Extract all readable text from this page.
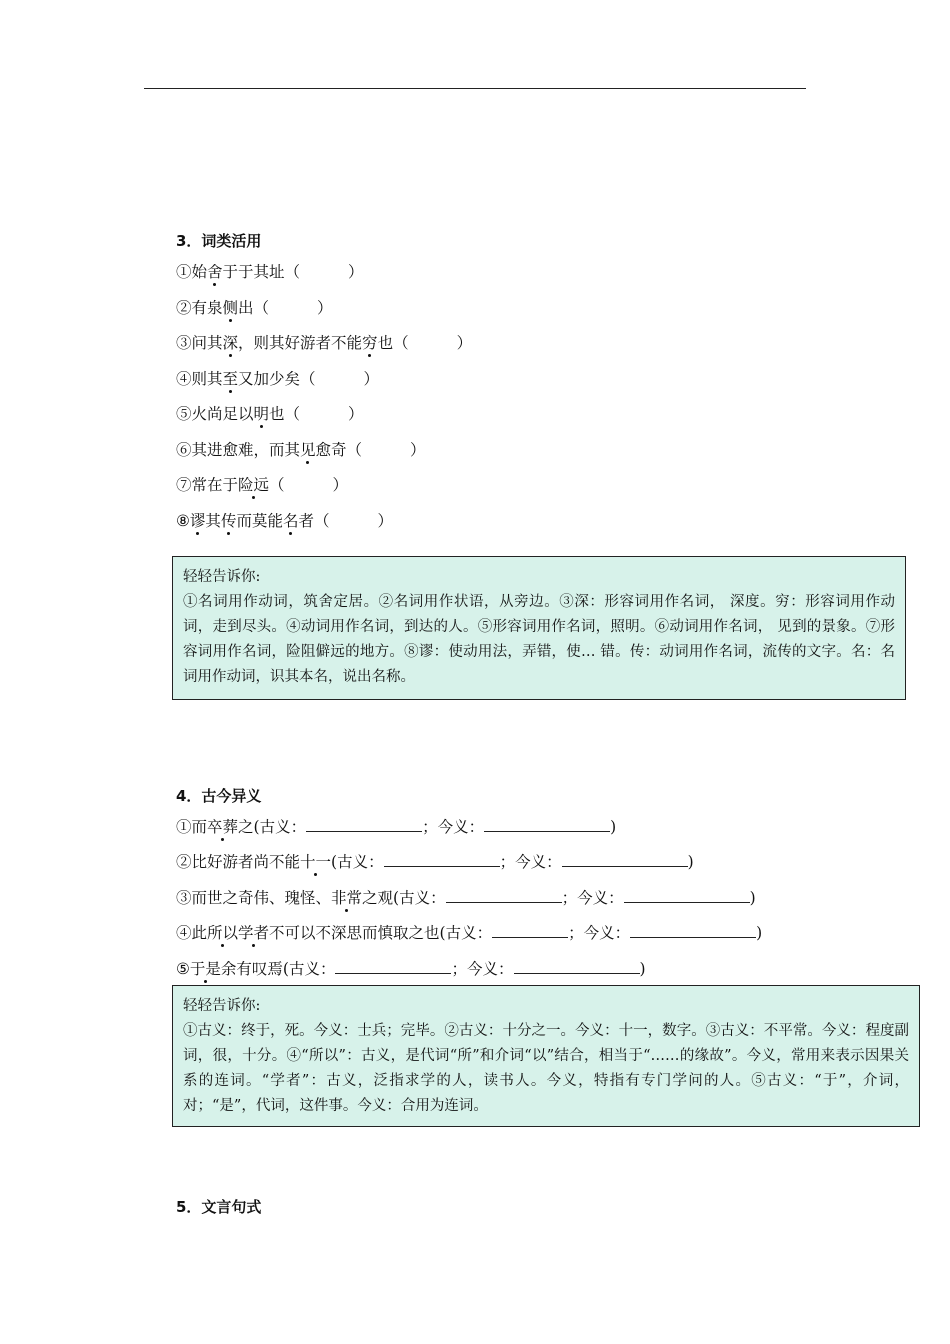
3．词类活用
①始舍于于其址（	）
②有泉侧出（	）
③问其深，则其好游者不能穷也（	）
④则其至又加少矣（	）
⑤火尚足以明也（	）
⑥其进愈难，而其见愈奇（	）
⑦常在于险远（	）
⑧谬其传而莫能名者（	）
轻轻告诉你:
①名词用作动词，筑舍定居。②名词用作状语，从旁边。③深：形容词用作名词， 深度。穷：形容词用作动词，走到尽头。④动词用作名词，到达的人。⑤形容词用作名词，照明。⑥动词用作名词， 见到的景象。⑦形容词用作名词，险阻僻远的地方。⑧谬：使动用法，弄错，使… 错。传：动词用作名词，流传的文字。名：名词用作动词，识其本名，说出名称。
4．古今异义
①而卒葬之(古义：	；今义：	)
②比好游者尚不能十一(古义：	；今义：	)
③而世之奇伟、瑰怪、非常之观(古义：	；今义：	)
④此所以学者不可以不深思而慎取之也(古义：	；今义：	)
⑤于是余有叹焉(古义：	；今义：	)
轻轻告诉你:
①古义：终于，死。今义：士兵；完毕。②古义：十分之一。今义：十一，数字。③古义：不平常。今义：程度副词，很，十分。④“所以”：古义，是代词“所”和介词“以”结合，相当于“……的缘故”。今义，常用来表示因果关系的连词。“学者”：古义，泛指求学的人，读书人。今义，特指有专门学问的人。⑤古义：“于”，介词，对；“是”，代词，这件事。今义：合用为连词。
5．文言句式
